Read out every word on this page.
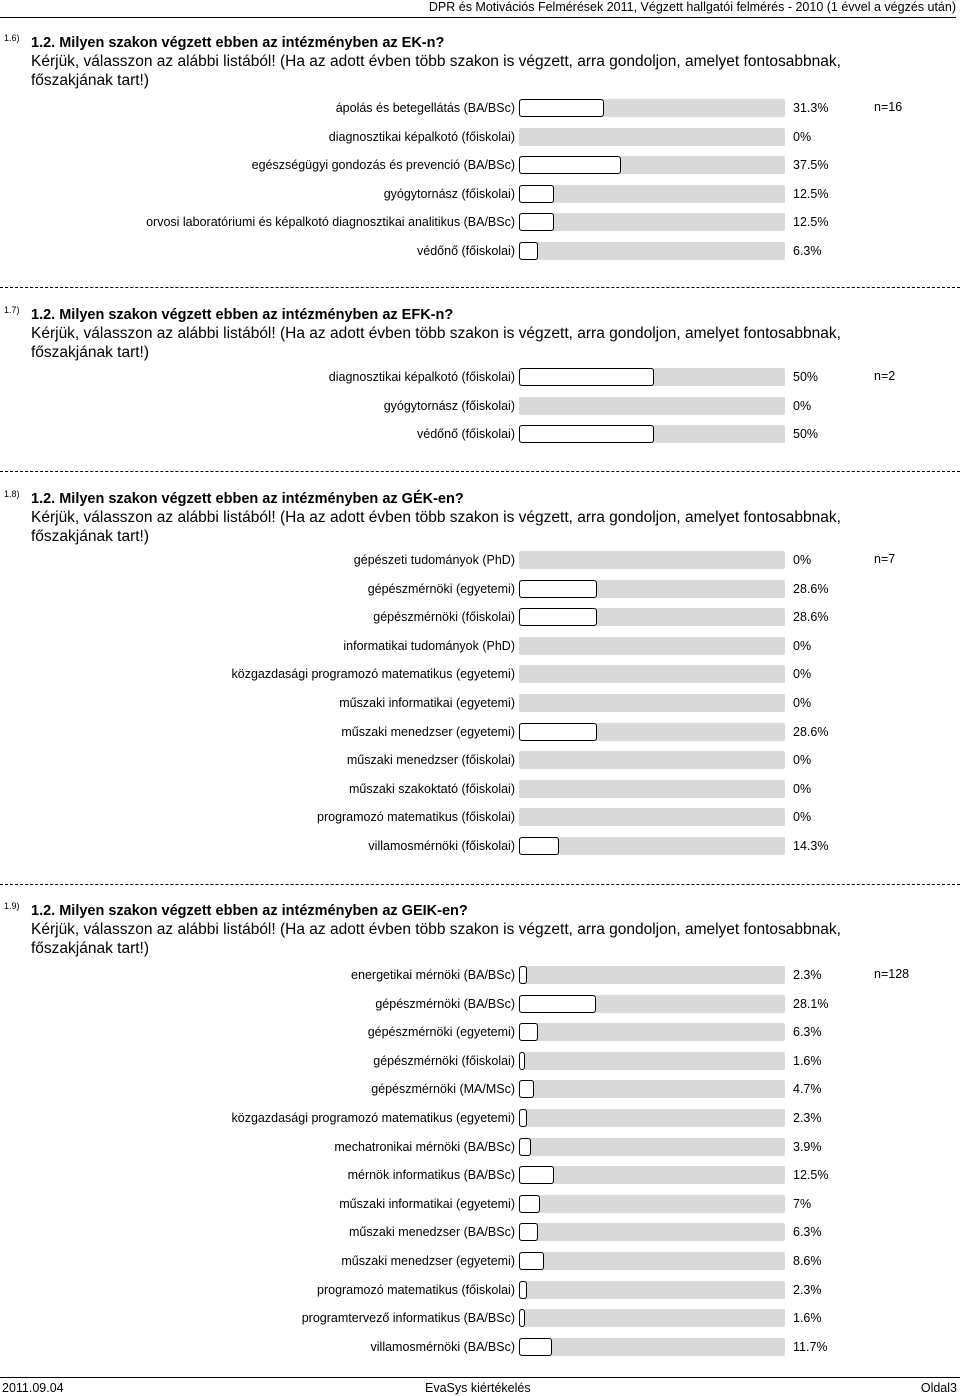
DPR és Motivációs Felmérések 2011, Végzett hallgatói felmérés - 2010 (1 évvel a végzés után)
1.6) 1.2. Milyen szakon végzett ebben az intézményben az EK-n?
Kérjük, válasszon az alábbi listából! (Ha az adott évben több szakon is végzett, arra gondoljon, amelyet fontosabbnak, főszakjának tart!)
n=16
ápolás és betegellátás (BA/BSc)	31.3%
diagnosztikai képalkotó (főiskolai)	0%
egészségügyi gondozás és prevenció (BA/BSc)	37.5%
gyógytornász (főiskolai)	12.5%
orvosi laboratóriumi és képalkotó diagnosztikai analitikus (BA/BSc)	12.5%
védőnő (főiskolai)	6.3%
1.7) 1.2. Milyen szakon végzett ebben az intézményben az EFK-n?
Kérjük, válasszon az alábbi listából! (Ha az adott évben több szakon is végzett, arra gondoljon, amelyet fontosabbnak, főszakjának tart!)
n=2
diagnosztikai képalkotó (főiskolai)	50%
gyógytornász (főiskolai)	0%
védőnő (főiskolai)	50%
1.8) 1.2. Milyen szakon végzett ebben az intézményben az GÉK-en?
Kérjük, válasszon az alábbi listából! (Ha az adott évben több szakon is végzett, arra gondoljon, amelyet fontosabbnak, főszakjának tart!)
n=7
gépészeti tudományok (PhD)	0%
gépészmérnöki (egyetemi)	28.6%
gépészmérnöki (főiskolai)	28.6%
informatikai tudományok (PhD)	0%
közgazdasági programozó matematikus (egyetemi)	0%
műszaki informatikai (egyetemi)	0%
műszaki menedzser (egyetemi)	28.6%
műszaki menedzser (főiskolai)	0%
műszaki szakoktató (főiskolai)	0%
programozó matematikus (főiskolai)	0%
villamosmérnöki (főiskolai)	14.3%
1.9) 1.2. Milyen szakon végzett ebben az intézményben az GEIK-en?
Kérjük, válasszon az alábbi listából! (Ha az adott évben több szakon is végzett, arra gondoljon, amelyet fontosabbnak, főszakjának tart!)
n=128
energetikai mérnöki (BA/BSc)	2.3%
gépészmérnöki (BA/BSc)	28.1%
gépészmérnöki (egyetemi)	6.3%
gépészmérnöki (főiskolai)	1.6%
gépészmérnöki (MA/MSc)	4.7%
közgazdasági programozó matematikus (egyetemi)	2.3%
mechatronikai mérnöki (BA/BSc)	3.9%
mérnök informatikus (BA/BSc)	12.5%
műszaki informatikai (egyetemi)	7%
műszaki menedzser (BA/BSc)	6.3%
műszaki menedzser (egyetemi)	8.6%
programozó matematikus (főiskolai)	2.3%
programtervező informatikus (BA/BSc)	1.6%
villamosmérnöki (BA/BSc)	11.7%
2011.09.04	EvaSys kiértékelés	Oldal3
